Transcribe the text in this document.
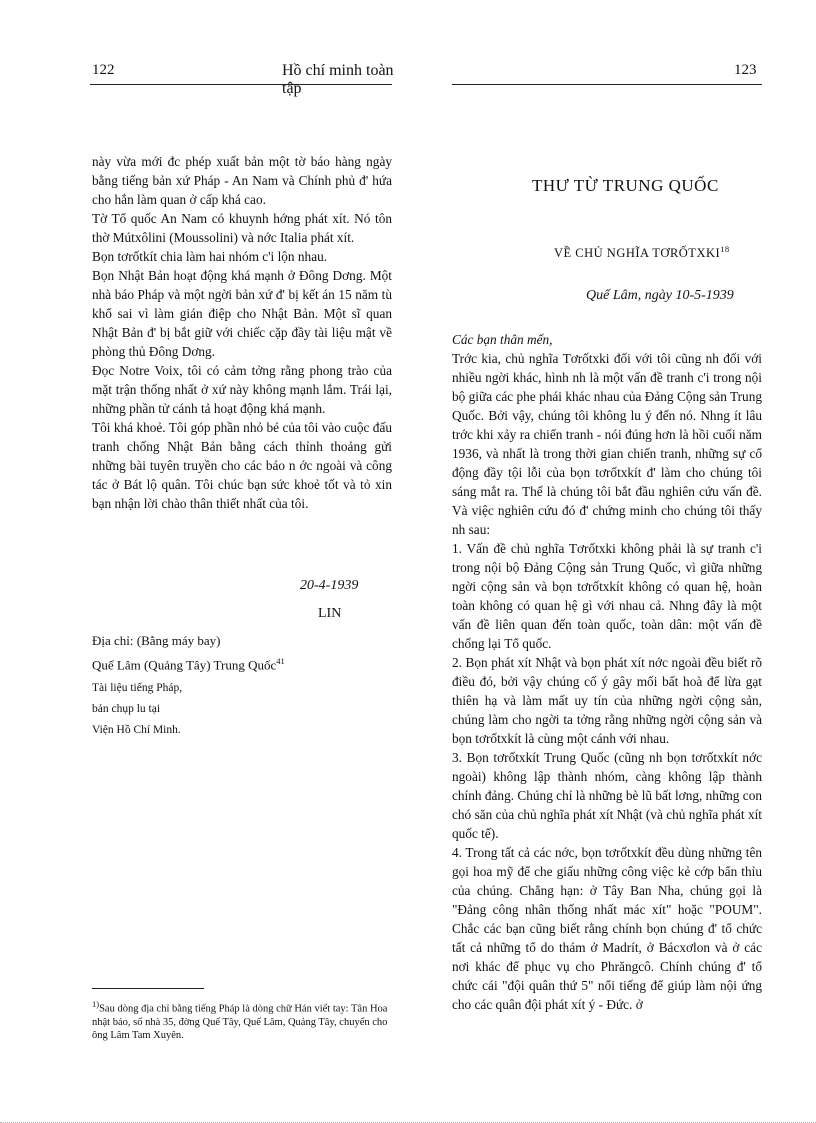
122	Hồ chí minh toàn tập

này vừa mới đc phép xuất bản một tờ báo hàng ngày bằng tiếng bản xứ Pháp - An Nam và Chính phủ đ' hứa cho hắn làm quan ở cấp khá cao.

Tờ Tổ quốc An Nam có khuynh hớng phát xít. Nó tôn thờ Mútxôlini (Moussolini) và nớc Italia phát xít.

Bọn tơrốtkít chia làm hai nhóm c'i lộn nhau.

Bọn Nhật Bản hoạt động khá mạnh ở Đông Dơng. Một nhà báo Pháp và một ngời bản xứ đ' bị kết án 15 năm tù khổ sai vì làm gián điệp cho Nhật Bản. Một sĩ quan Nhật Bản đ' bị bắt giữ với chiếc cặp đầy tài liệu mật về phòng thủ Đông Dơng.

Đọc Notre Voix, tôi có cảm tởng rằng phong trào của mặt trận thống nhất ở xứ này không mạnh lắm. Trái lại, những phần tử cánh tả hoạt động khá mạnh.

Tôi khá khoẻ. Tôi góp phần nhỏ bé của tôi vào cuộc đấu tranh chống Nhật Bản bằng cách thỉnh thoảng gửi những bài tuyên truyền cho các báo n ớc ngoài và công tác ở Bát lộ quân. Tôi chúc bạn sức khoẻ tốt và tỏ xin bạn nhận lời chào thân thiết nhất của tôi.

20-4-1939
LIN

Địa chỉ: (Bằng máy bay)

Quế Lâm (Quảng Tây) Trung Quốc$^{41}$

Tài liệu tiếng Pháp,

bản chụp lu tại

Viện Hồ Chí Minh.

$^{1)}$Sau dòng địa chỉ bằng tiếng Pháp là dòng chữ Hán viết tay: Tân Hoa nhật báo, số nhà 35, đờng Quế Tây, Quế Lâm, Quảng Tây, chuyển cho ông Lâm Tam Xuyên.
123
THƯ TỪ TRUNG QUỐC
VỀ CHỦ NGHĨA TƠRỐTXKI$^{18}$
Quế Lâm, ngày 10-5-1939
Các bạn thân mến,

Trớc kia, chủ nghĩa Tơrốtxki đối với tôi cũng nh đối với nhiều ngời khác, hình nh là một vấn đề tranh c'i trong nội bộ giữa các phe phái khác nhau của Đảng Cộng sản Trung Quốc. Bởi vậy, chúng tôi không lu ý đến nó. Nhng ít lâu trớc khi xảy ra chiến tranh - nói đúng hơn là hồi cuối năm 1936, và nhất là trong thời gian chiến tranh, những sự cổ động đầy tội lỗi của bọn tơrốtxkít đ' làm cho chúng tôi sáng mắt ra. Thế là chúng tôi bắt đầu nghiên cứu vấn đề. Và việc nghiên cứu đó đ' chứng minh cho chúng tôi thấy nh sau:

1. Vấn đề chủ nghĩa Tơrốtxki không phải là sự tranh c'i trong nội bộ Đảng Cộng sản Trung Quốc, vì giữa những ngời cộng sản và bọn tơrốtxkít không có quan hệ, hoàn toàn không có quan hệ gì với nhau cả. Nhng đây là một vấn đề liên quan đến toàn quốc, toàn dân: một vấn đề chống lại Tổ quốc.

2. Bọn phát xít Nhật và bọn phát xít nớc ngoài đều biết rõ điều đó, bởi vậy chúng cố ý gây mối bất hoà để lừa gạt thiên hạ và làm mất uy tín của những ngời cộng sản, chúng làm cho ngời ta tởng rằng những ngời cộng sản và bọn tơrốtxkít là cùng một cánh với nhau.

3. Bọn tơrốtxkít Trung Quốc (cũng nh bọn tơrốtxkít nớc ngoài) không lập thành nhóm, càng không lập thành chính đảng. Chúng chỉ là những bè lũ bất lơng, những con chó săn của chủ nghĩa phát xít Nhật (và chủ nghĩa phát xít quốc tế).

4. Trong tất cả các nớc, bọn tơrốtxkít đều dùng những tên gọi hoa mỹ để che giấu những công việc kẻ cớp bẩn thỉu của chúng. Chẳng hạn: ở Tây Ban Nha, chúng gọi là "Đảng công nhân thống nhất mác xít" hoặc "POUM". Chắc các bạn cũng biết rằng chính bọn chúng đ' tổ chức tất cả những tổ do thám ở Madrít, ở Bácxơlon và ở các nơi khác để phục vụ cho Phrăngcô. Chính chúng đ' tổ chức cái "đội quân thứ 5" nổi tiếng để giúp làm nội ứng cho các quân đội phát xít ý - Đức. ở
